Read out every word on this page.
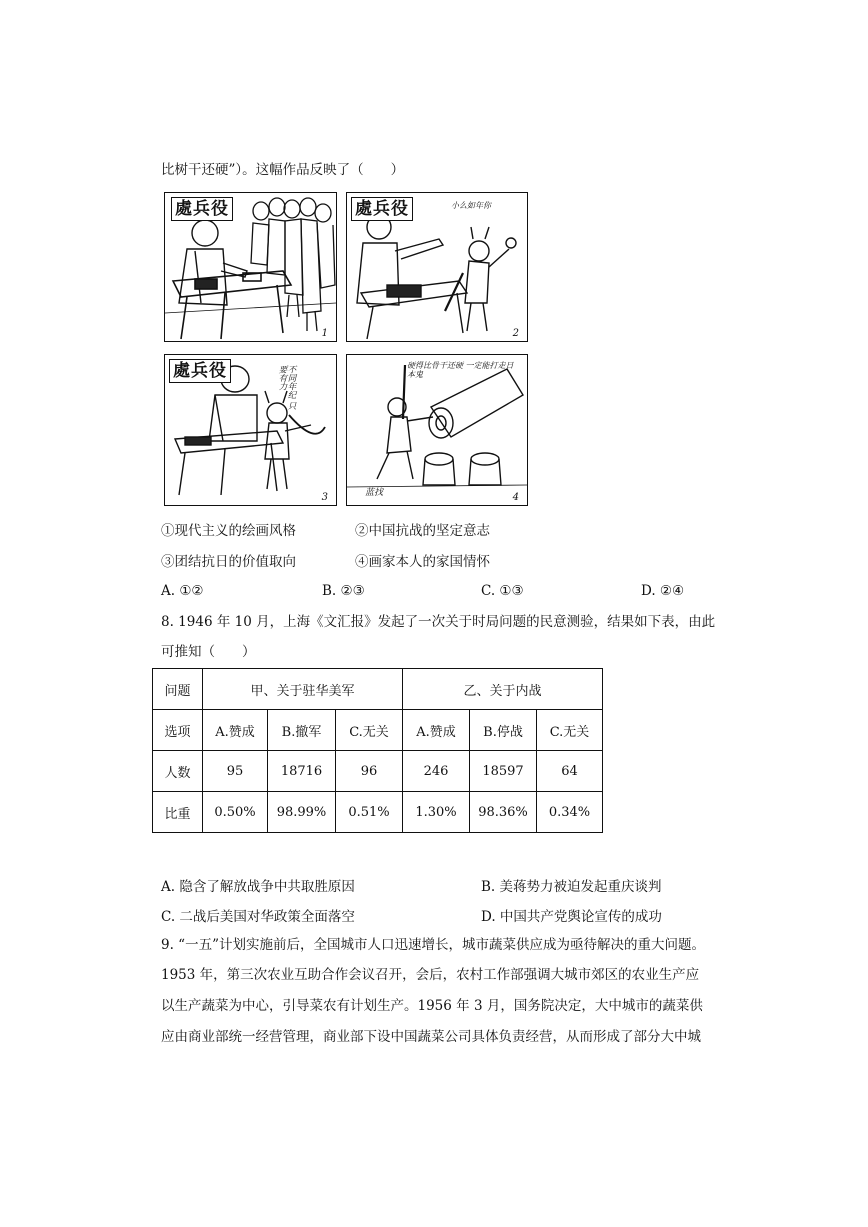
比树干还硬”）。这幅作品反映了（　　）
處兵役
1
處兵役	小么如年你
2
處兵役	不同年纪 只要有力
3
硬得比骨干还硬 一定能打走日本鬼
蓝找	4
①现代主义的绘画风格	②中国抗战的坚定意志
③团结抗日的价值取向	④画家本人的家国情怀
A. ①②	B. ②③	C. ①③	D. ②④
8. 1946 年 10 月，上海《文汇报》发起了一次关于时局问题的民意测验，结果如下表，由此
可推知（　　）
问题	甲、关于驻华美军			乙、关于内战		
选项	A.赞成	B.撤军	C.无关	A.赞成	B.停战	C.无关
人数	95	18716	96	246	18597	64
比重	0.50%	98.99%	0.51%	1.30%	98.36%	0.34%
A. 隐含了解放战争中共取胜原因	B. 美蒋势力被迫发起重庆谈判
C. 二战后美国对华政策全面落空	D. 中国共产党舆论宣传的成功
9. “一五”计划实施前后，全国城市人口迅速增长，城市蔬菜供应成为亟待解决的重大问题。
1953 年，第三次农业互助合作会议召开，会后，农村工作部强调大城市郊区的农业生产应
以生产蔬菜为中心，引导菜农有计划生产。1956 年 3 月，国务院决定，大中城市的蔬菜供
应由商业部统一经营管理，商业部下设中国蔬菜公司具体负责经营，从而形成了部分大中城
